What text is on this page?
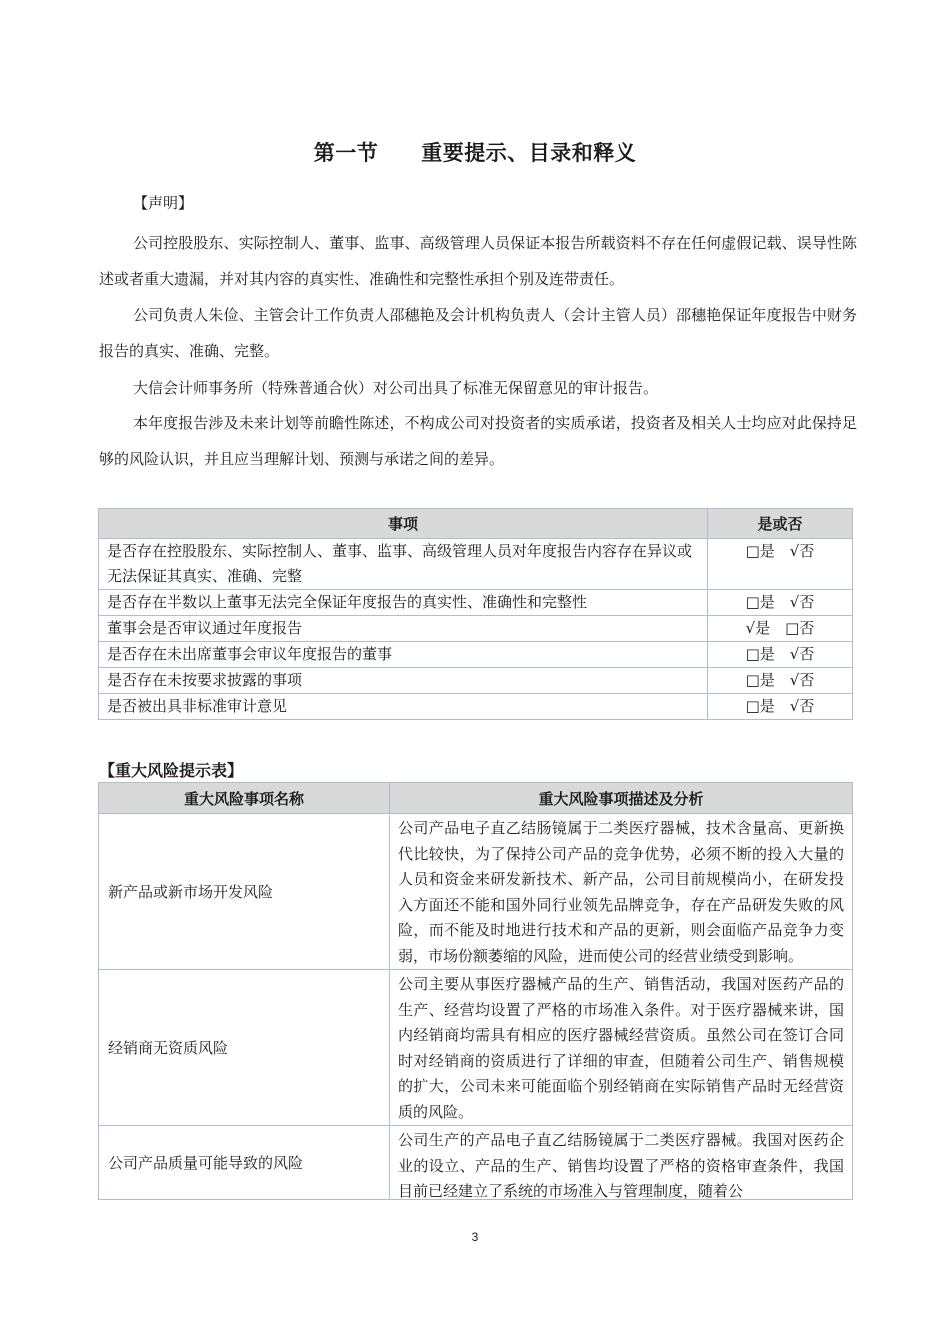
第一节　　重要提示、目录和释义
【声明】

公司控股股东、实际控制人、董事、监事、高级管理人员保证本报告所载资料不存在任何虚假记载、误导性陈述或者重大遗漏，并对其内容的真实性、准确性和完整性承担个别及连带责任。

公司负责人朱俭、主管会计工作负责人邵穗艳及会计机构负责人（会计主管人员）邵穗艳保证年度报告中财务报告的真实、准确、完整。

大信会计师事务所（特殊普通合伙）对公司出具了标准无保留意见的审计报告。

本年度报告涉及未来计划等前瞻性陈述，不构成公司对投资者的实质承诺，投资者及相关人士均应对此保持足够的风险认识，并且应当理解计划、预测与承诺之间的差异。

事项	是或否
是否存在控股股东、实际控制人、董事、监事、高级管理人员对年度报告内容存在异议或无法保证其真实、准确、完整	□是　√否
是否存在半数以上董事无法完全保证年度报告的真实性、准确性和完整性	□是　√否
董事会是否审议通过年度报告	√是　□否
是否存在未出席董事会审议年度报告的董事	□是　√否
是否存在未按要求披露的事项	□是　√否
是否被出具非标准审计意见	□是　√否
【重大风险提示表】
重大风险事项名称	重大风险事项描述及分析
新产品或新市场开发风险	公司产品电子直乙结肠镜属于二类医疗器械，技术含量高、更新换代比较快，为了保持公司产品的竞争优势，必须不断的投入大量的人员和资金来研发新技术、新产品，公司目前规模尚小，在研发投入方面还不能和国外同行业领先品牌竞争，存在产品研发失败的风险，而不能及时地进行技术和产品的更新，则会面临产品竞争力变弱，市场份额萎缩的风险，进而使公司的经营业绩受到影响。
经销商无资质风险	公司主要从事医疗器械产品的生产、销售活动，我国对医药产品的生产、经营均设置了严格的市场准入条件。对于医疗器械来讲，国内经销商均需具有相应的医疗器械经营资质。虽然公司在签订合同时对经销商的资质进行了详细的审查，但随着公司生产、销售规模的扩大，公司未来可能面临个别经销商在实际销售产品时无经营资质的风险。
公司产品质量可能导致的风险	公司生产的产品电子直乙结肠镜属于二类医疗器械。我国对医药企业的设立、产品的生产、销售均设置了严格的资格审查条件，我国目前已经建立了系统的市场准入与管理制度，随着公
3
